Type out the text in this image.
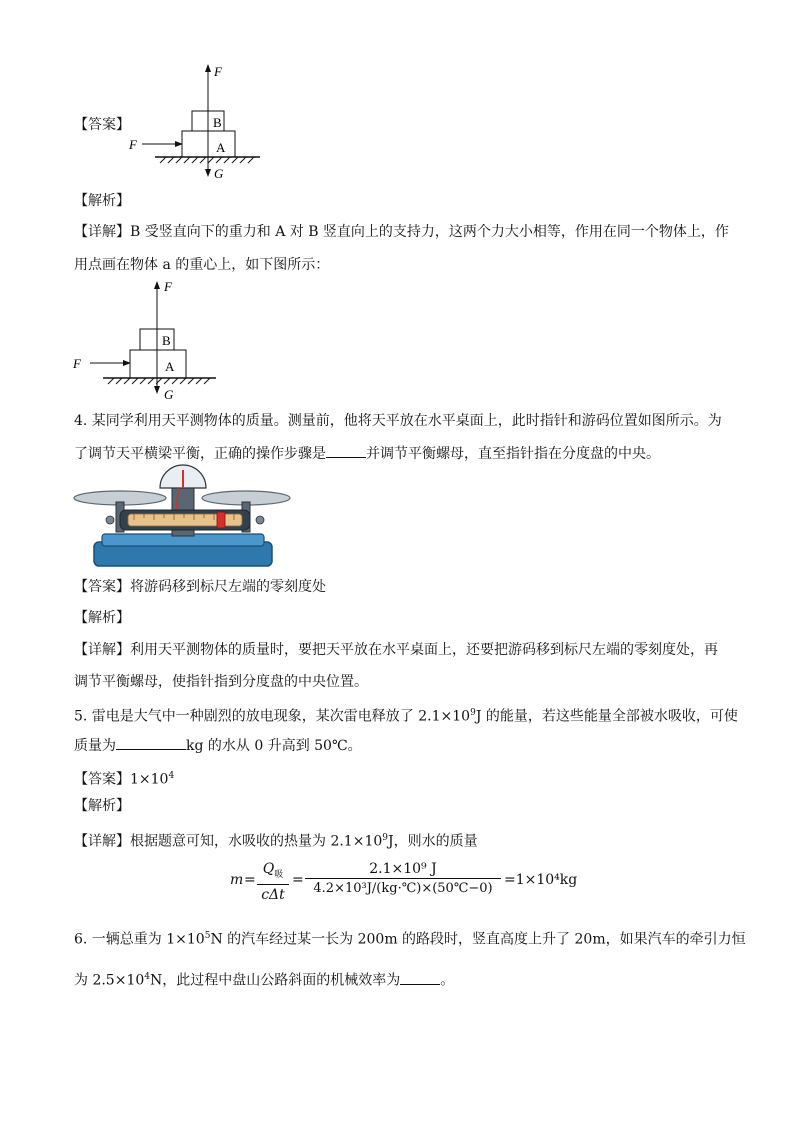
【答案】
F
F
G
B
A
【解析】
【详解】B 受竖直向下的重力和 A 对 B 竖直向上的支持力，这两个力大小相等，作用在同一个物体上，作
用点画在物体 a 的重心上，如下图所示：
F
F
G
B
A
4. 某同学利用天平测物体的质量。测量前，他将天平放在水平桌面上，此时指针和游码位置如图所示。为
了调节天平横梁平衡，正确的操作步骤是	并调节平衡螺母，直至指针指在分度盘的中央。
【答案】将游码移到标尺左端的零刻度处
【解析】
【详解】利用天平测物体的质量时，要把天平放在水平桌面上，还要把游码移到标尺左端的零刻度处，再
调节平衡螺母，使指针指到分度盘的中央位置。
5. 雷电是大气中一种剧烈的放电现象，某次雷电释放了 $2.1\times 10^9J$ 的能量，若这些能量全部被水吸收，可使
质量为	kg 的水从 0 升高到 50℃。
【答案】$1\times 10^4$
【解析】
【详解】根据题意可知，水吸收的热量为 $2.1\times 10^9J$，则水的质量
m =
$Q_吸$
cΔt
=
2.1×10⁹ J
4.2×10³J/(kg·℃)×(50℃−0)
=1×10⁴kg
6. 一辆总重为 $1\times 10^5N$ 的汽车经过某一长为 200m 的路段时，竖直高度上升了 20m，如果汽车的牵引力恒
为 $2.5\times 10^4N$，此过程中盘山公路斜面的机械效率为	。
